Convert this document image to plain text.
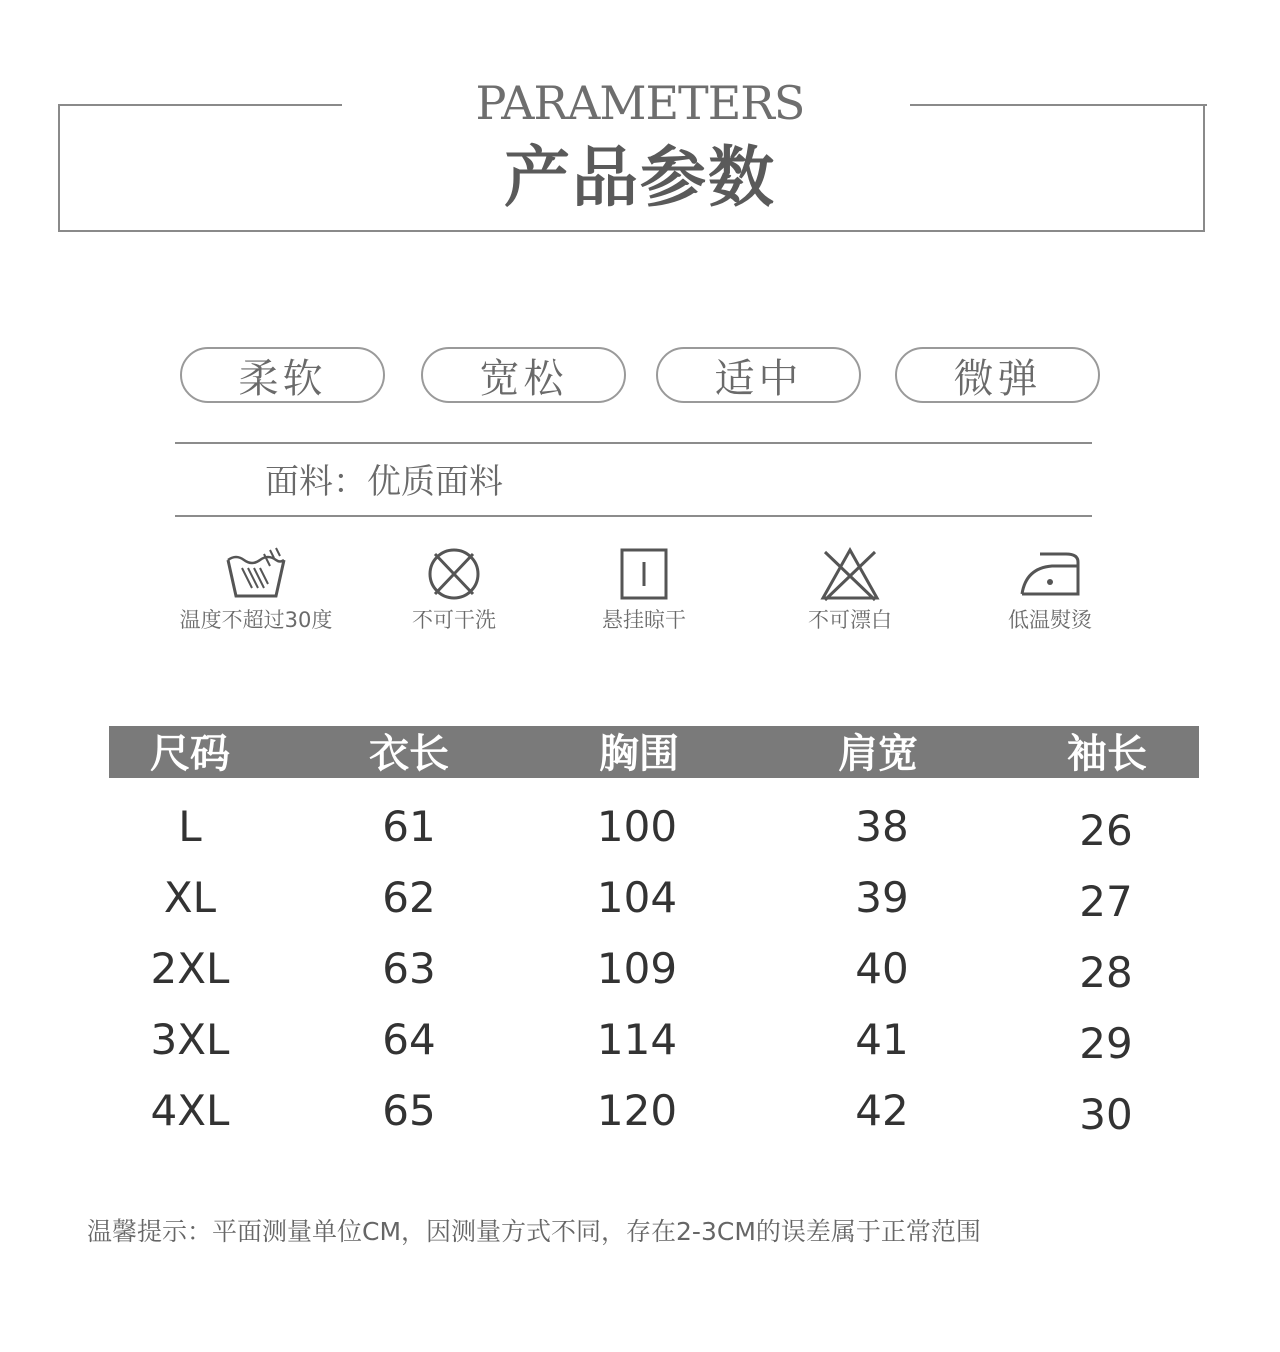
PARAMETERS
产品参数
柔软	宽松	适中	微弹
面料：优质面料
温度不超过30度	不可干洗	悬挂晾干	不可漂白	低温熨烫
尺码	衣长	胸围	肩宽	袖长
L	61	100	38	26
XL	62	104	39	27
2XL	63	109	40	28
3XL	64	114	41	29
4XL	65	120	42	30
温馨提示：平面测量单位CM，因测量方式不同，存在2-3CM的误差属于正常范围
